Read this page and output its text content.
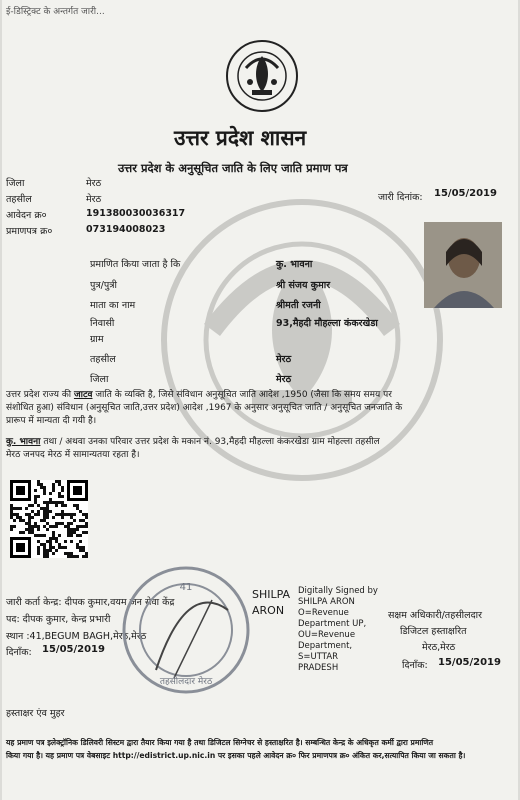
ई-डिस्ट्रिक्ट के अन्तर्गत जारी...
उत्तर प्रदेश शासन
उत्तर प्रदेश के अनुसूचित जाति के लिए जाति प्रमाण पत्र
जिला	मेरठ
तहसील	मेरठ
आवेदन क्र०	191380030036317
प्रमाणपत्र क्र०	073194008023
जारी दिनांक: 15/05/2019
प्रमाणित किया जाता है कि	कु. भावना
पुत्र/पुत्री	श्री संजय कुमार
माता का नाम	श्रीमती रजनी
निवासी	93,मैहदी मौहल्ला कंकरखेडा
ग्राम
तहसील	मेरठ
जिला	मेरठ
उत्तर प्रदेश राज्य की जाटव जाति के व्यक्ति है, जिसे संविधान अनुसूचित जाति आदेश ,1950 (जैसा कि समय समय पर
संशोधित हुआ) संविधान (अनुसूचित जाति,उत्तर प्रदेश) आदेश ,1967 के अनुसार अनुसूचित जाति / अनुसूचित जनजाति के
प्रारूप में मान्यता दी गयी है।
कु. भावना तथा / अथवा उनका परिवार उत्तर प्रदेश के मकान नं. 93,मैहदी मौहल्ला कंकरखेडा ग्राम मोहल्ला तहसील
मेरठ जनपद मेरठ में सामान्यतया रहता है।
जारी कर्ता केन्द्र: दीपक कुमार,वयम जन सेवा केंद्र
पद: दीपक कुमार, केन्द्र प्रभारी
स्थान :41,BEGUM BAGH,मेरठ,मेरठ
दिनाँक: 15/05/2019
41
तहसीलदार मेरठ
SHILPA
ARON
Digitally Signed by
SHILPA ARON
O=Revenue
Department UP,
OU=Revenue
Department,
S=UTTAR
PRADESH
सक्षम अधिकारी/तहसीलदार
डिजिटल हस्ताक्षरित
मेरठ,मेरठ
दिनाँक: 15/05/2019
हस्ताक्षर एंव मुहर
यह प्रमाण पत्र इलेक्ट्रॉनिक डिलिवरी सिस्टम द्वारा तैयार किया गया है तथा डिजिटल सिग्नेचर से हस्ताक्षरित है। सम्बन्धित केन्द्र के अधिकृत कर्मी द्वारा प्रमाणित
किया गया है। यह प्रमाण पत्र वेबसाइट http://edistrict.up.nic.in पर इसका पहले आवेदन क्र० फिर प्रमाणपत्र क्र० अंकित कर,सत्यापित किया जा सकता है।
